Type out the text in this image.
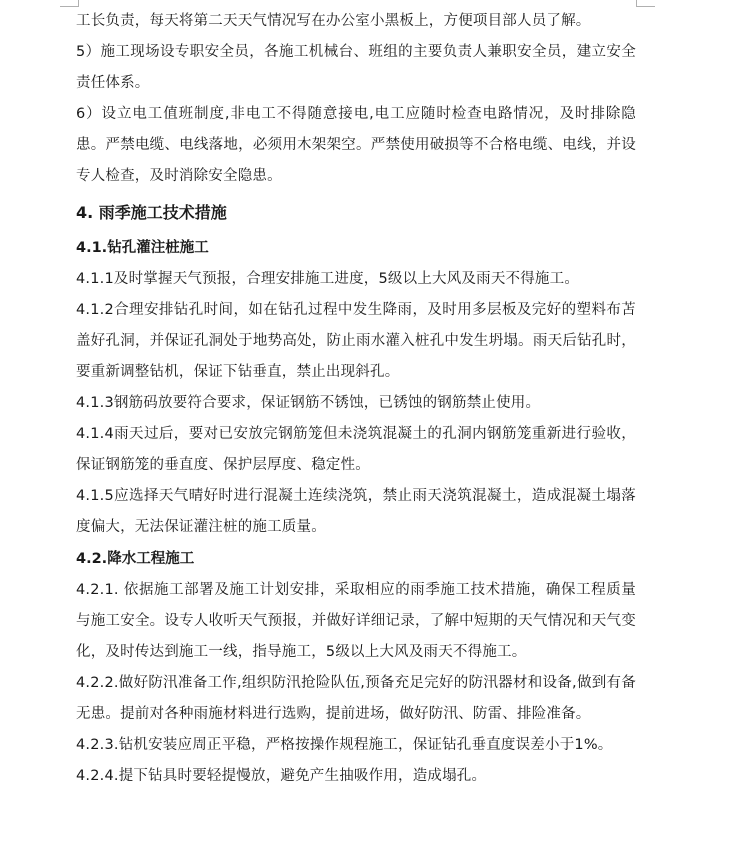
工长负责，每天将第二天天气情况写在办公室小黑板上，方便项目部人员了解。

5）施工现场设专职安全员，各施工机械台、班组的主要负责人兼职安全员，建立安全责任体系。

6）设立电工值班制度,非电工不得随意接电,电工应随时检查电路情况，及时排除隐患。严禁电缆、电线落地，必须用木架架空。严禁使用破损等不合格电缆、电线，并设专人检查，及时消除安全隐患。

4. 雨季施工技术措施

4.1.钻孔灌注桩施工

4.1.1及时掌握天气预报，合理安排施工进度，5级以上大风及雨天不得施工。

4.1.2合理安排钻孔时间，如在钻孔过程中发生降雨，及时用多层板及完好的塑料布苫盖好孔洞，并保证孔洞处于地势高处，防止雨水灌入桩孔中发生坍塌。雨天后钻孔时，要重新调整钻机，保证下钻垂直，禁止出现斜孔。

4.1.3钢筋码放要符合要求，保证钢筋不锈蚀，已锈蚀的钢筋禁止使用。

4.1.4雨天过后，要对已安放完钢筋笼但未浇筑混凝土的孔洞内钢筋笼重新进行验收，保证钢筋笼的垂直度、保护层厚度、稳定性。

4.1.5应选择天气晴好时进行混凝土连续浇筑，禁止雨天浇筑混凝土，造成混凝土塌落度偏大，无法保证灌注桩的施工质量。

4.2.降水工程施工

4.2.1. 依据施工部署及施工计划安排，采取相应的雨季施工技术措施，确保工程质量与施工安全。设专人收听天气预报，并做好详细记录，了解中短期的天气情况和天气变化，及时传达到施工一线，指导施工，5级以上大风及雨天不得施工。

4.2.2.做好防汛准备工作,组织防汛抢险队伍,预备充足完好的防汛器材和设备,做到有备无患。提前对各种雨施材料进行选购，提前进场，做好防汛、防雷、排险准备。

4.2.3.钻机安装应周正平稳，严格按操作规程施工，保证钻孔垂直度误差小于1%。

4.2.4.提下钻具时要轻提慢放，避免产生抽吸作用，造成塌孔。
